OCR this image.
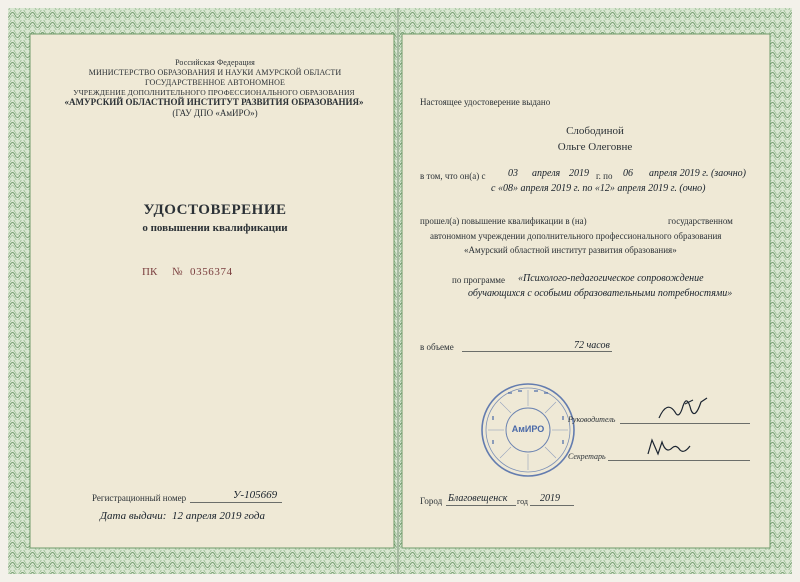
Российская Федерация
МИНИСТЕРСТВО ОБРАЗОВАНИЯ И НАУКИ АМУРСКОЙ ОБЛАСТИ
ГОСУДАРСТВЕННОЕ АВТОНОМНОЕ
УЧРЕЖДЕНИЕ ДОПОЛНИТЕЛЬНОГО ПРОФЕССИОНАЛЬНОГО ОБРАЗОВАНИЯ
«АМУРСКИЙ ОБЛАСТНОЙ ИНСТИТУТ РАЗВИТИЯ ОБРАЗОВАНИЯ»
(ГАУ ДПО «АмИРО»)
УДОСТОВЕРЕНИЕ
о повышении квалификации
ПК № 0356374
Регистрационный номер	У-105669
Дата выдачи: 12 апреля 2019 года
Настоящее удостоверение выдано
Слободиной
Ольге Олеговне
в том, что он(а) с 03 апреля 2019 г. по 06 апреля 2019 г. (заочно)
с «08» апреля 2019 г. по «12» апреля 2019 г. (очно)
прошел(а) повышение квалификации в (на)	государственном
автономном учреждении дополнительного профессионального образования
«Амурский областной институт развития образования»
по программе «Психолого-педагогическое сопровождение
обучающихся с особыми образовательными потребностями»
в объеме	72 часов
АмИРО
Руководитель
Секретарь
Город Благовещенск	2019
год
